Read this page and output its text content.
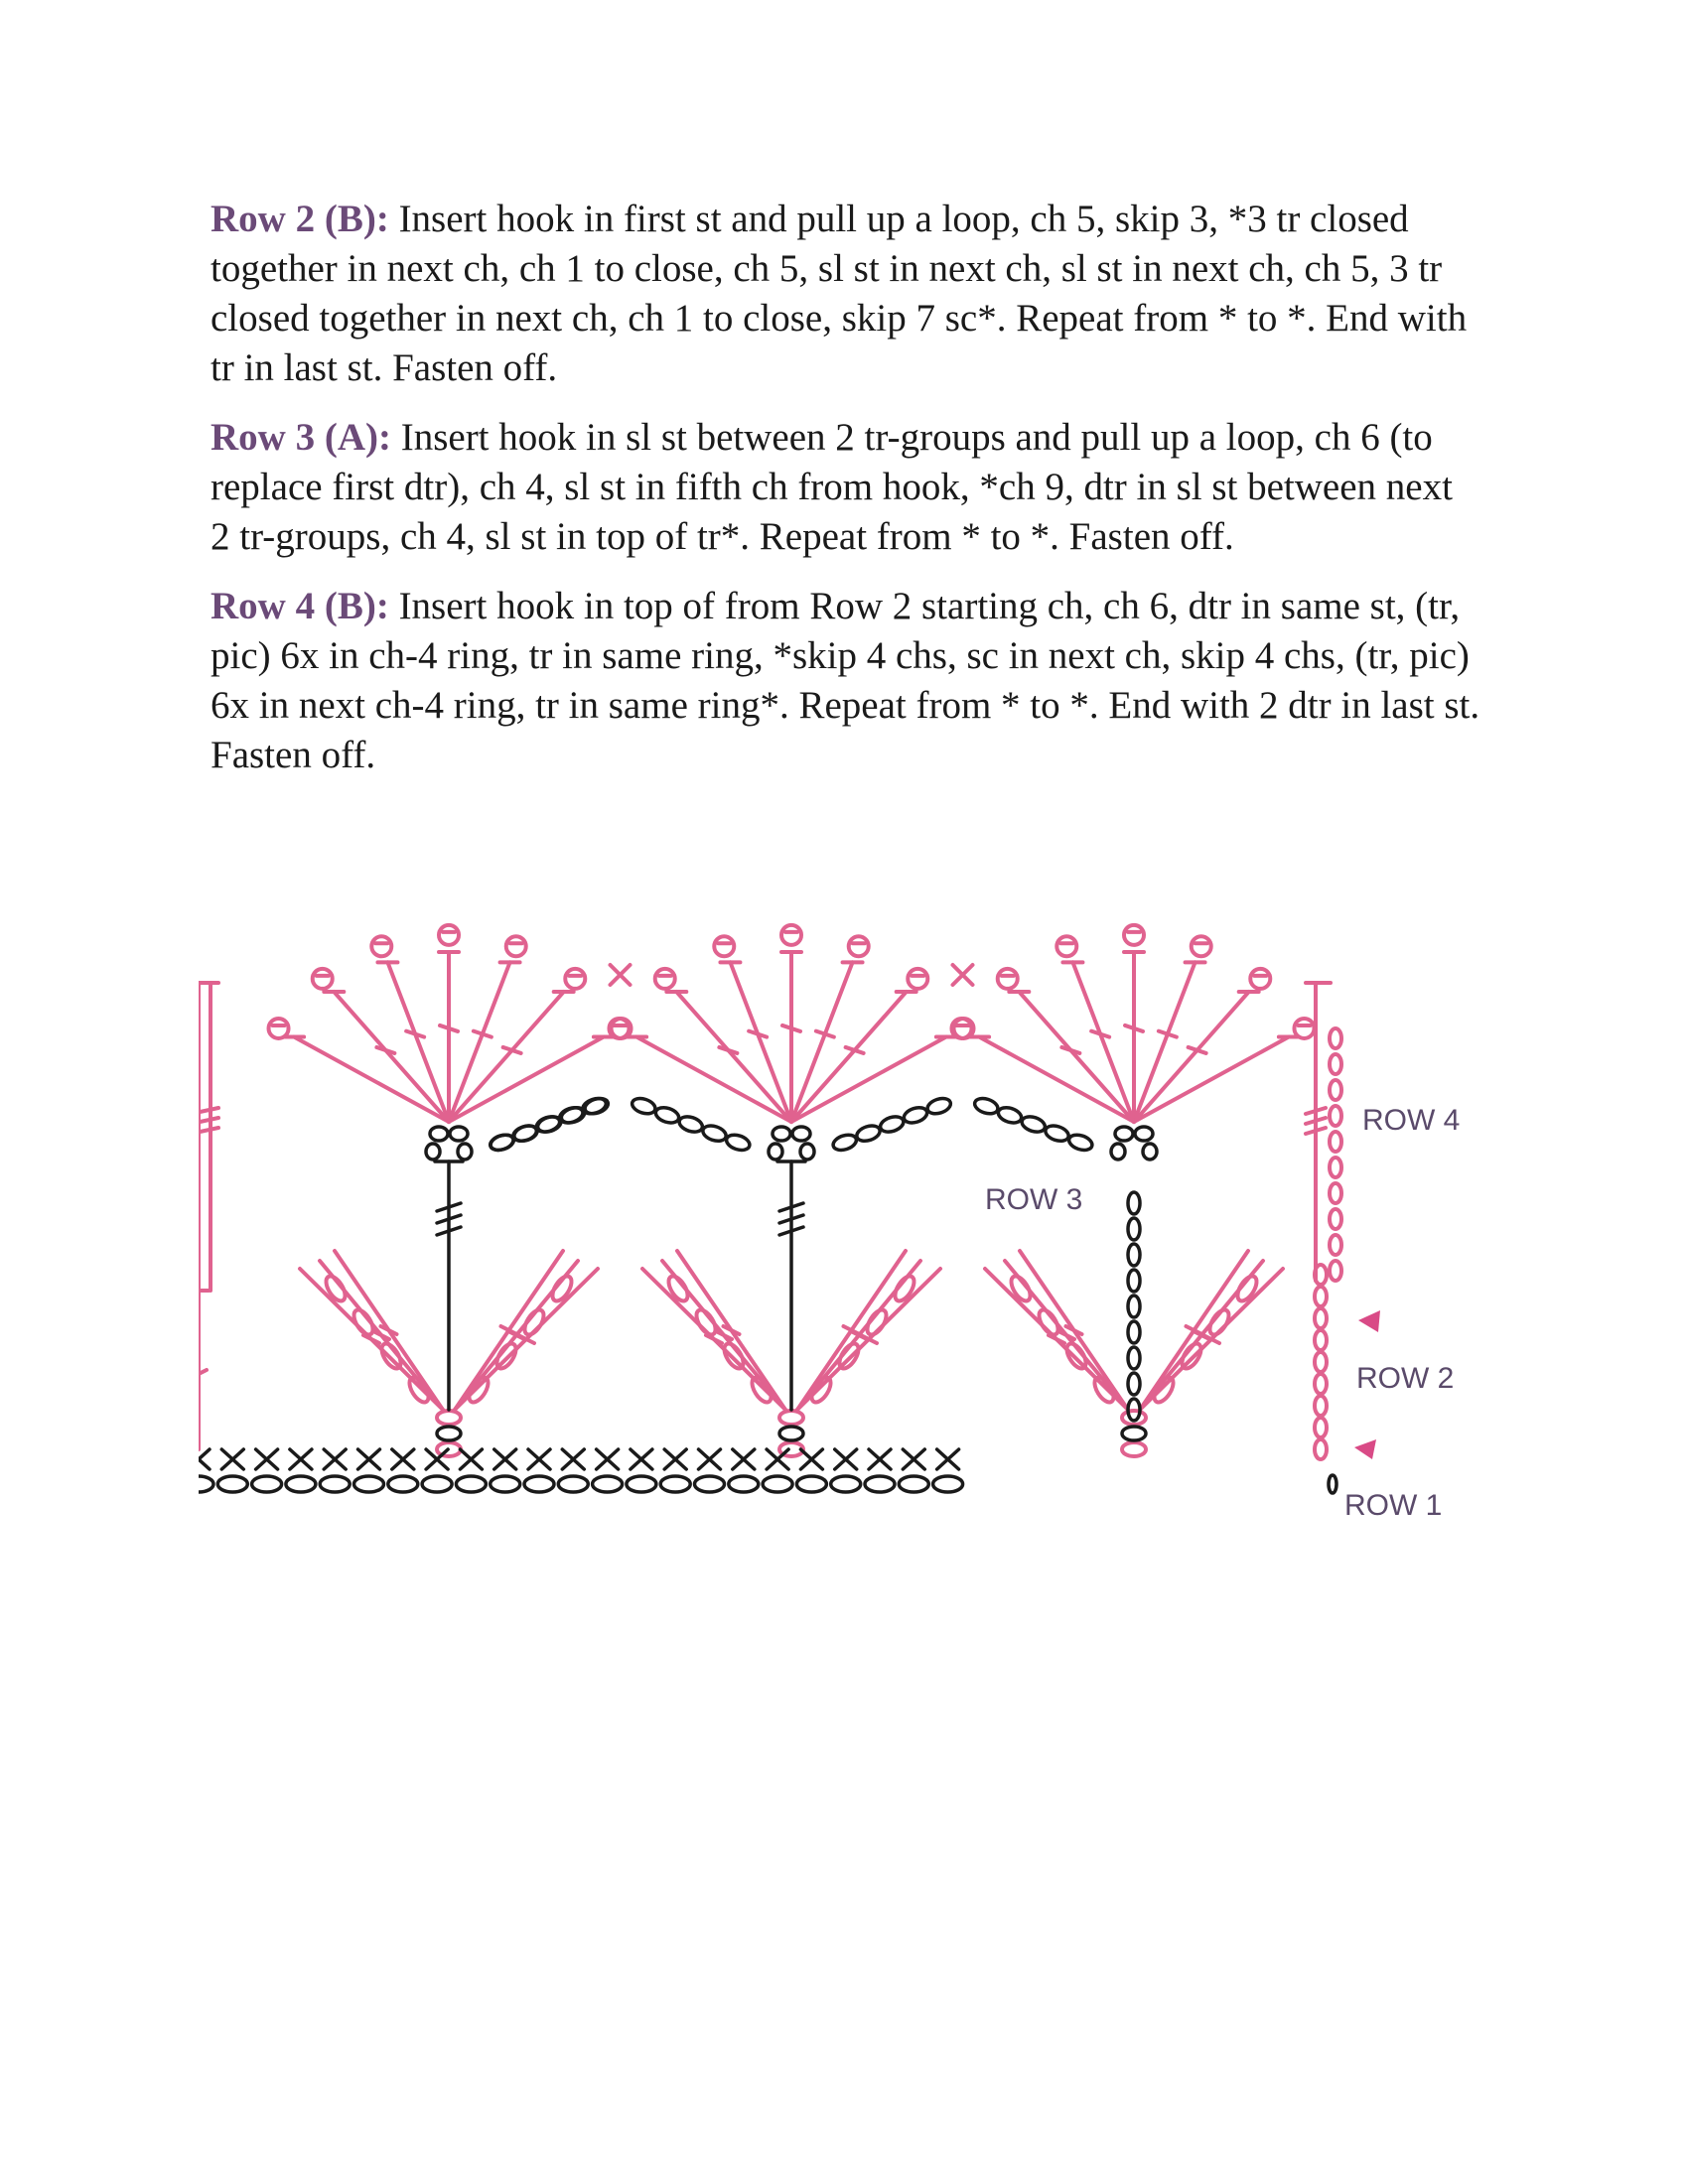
Row 2 (B): Insert hook in first st and pull up a loop, ch 5, skip 3, *3 tr closed together in next ch, ch 1 to close, ch 5, sl st in next ch, sl st in next ch, ch 5, 3 tr closed together in next ch, ch 1 to close, skip 7 sc*. Repeat from * to *. End with tr in last st. Fasten off.

Row 3 (A): Insert hook in sl st between 2 tr-groups and pull up a loop, ch 6 (to replace first dtr), ch 4, sl st in fifth ch from hook, *ch 9, dtr in sl st between next 2 tr-groups, ch 4, sl st in top of tr*. Repeat from * to *. Fasten off.

Row 4 (B): Insert hook in top of from Row 2 starting ch, ch 6, dtr in same st, (tr, pic) 6x in ch-4 ring, tr in same ring, *skip 4 chs, sc in next ch, skip 4 chs, (tr, pic) 6x in next ch-4 ring, tr in same ring*. Repeat from * to *. End with 2 dtr in last st. Fasten off.

ROW 4
ROW 3
ROW 2
ROW 1
